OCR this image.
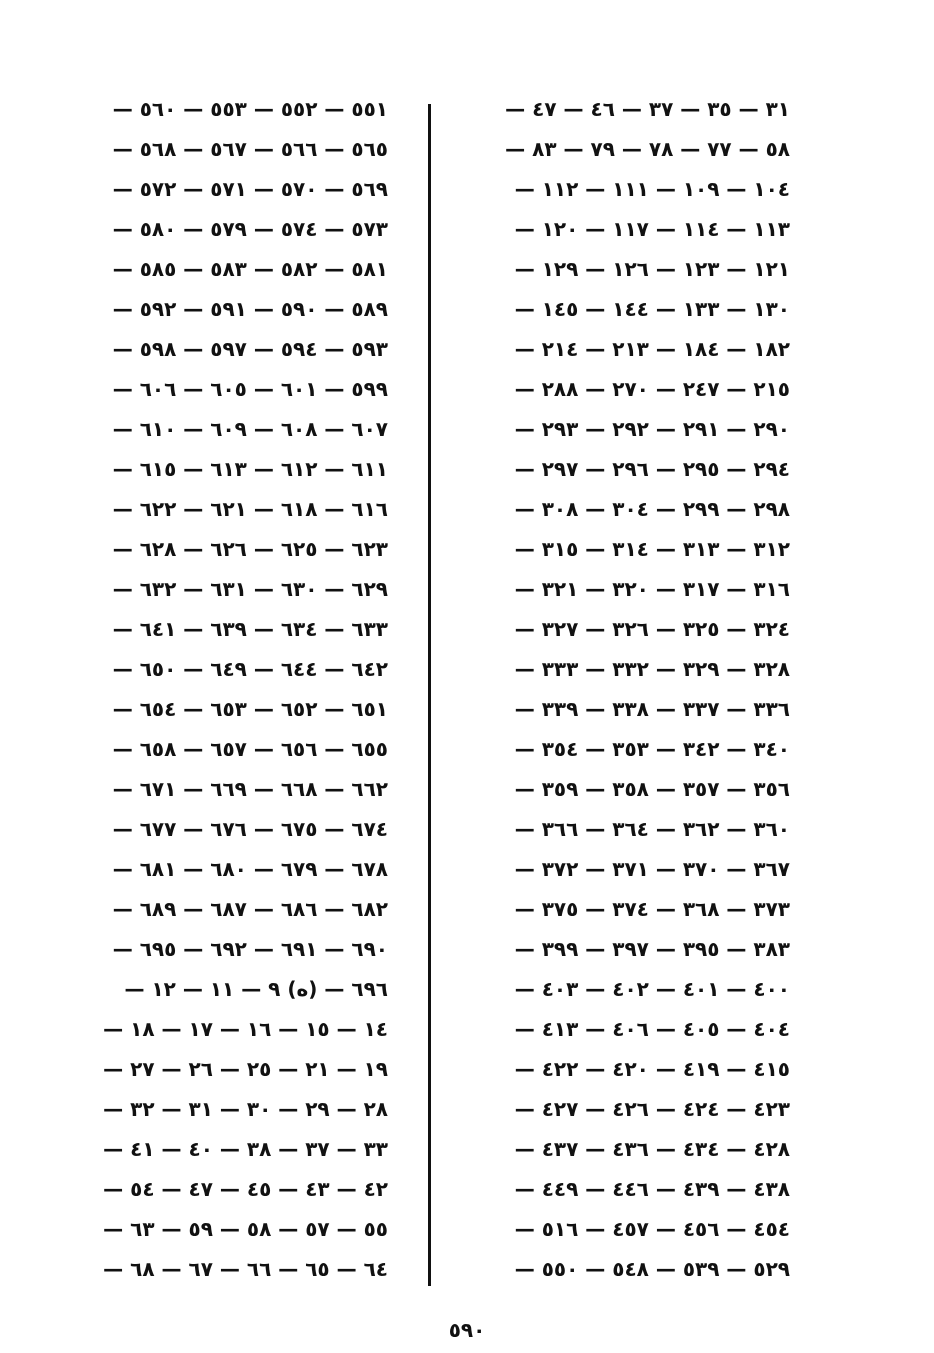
٥٥١ — ٥٥٢ — ٥٥٣ — ٥٦٠ —
٥٦٥ — ٥٦٦ — ٥٦٧ — ٥٦٨ —
٥٦٩ — ٥٧٠ — ٥٧١ — ٥٧٢ —
٥٧٣ — ٥٧٤ — ٥٧٩ — ٥٨٠ —
٥٨١ — ٥٨٢ — ٥٨٣ — ٥٨٥ —
٥٨٩ — ٥٩٠ — ٥٩١ — ٥٩٢ —
٥٩٣ — ٥٩٤ — ٥٩٧ — ٥٩٨ —
٥٩٩ — ٦٠١ — ٦٠٥ — ٦٠٦ —
٦٠٧ — ٦٠٨ — ٦٠٩ — ٦١٠ —
٦١١ — ٦١٢ — ٦١٣ — ٦١٥ —
٦١٦ — ٦١٨ — ٦٢١ — ٦٢٢ —
٦٢٣ — ٦٢٥ — ٦٢٦ — ٦٢٨ —
٦٢٩ — ٦٣٠ — ٦٣١ — ٦٣٢ —
٦٣٣ — ٦٣٤ — ٦٣٩ — ٦٤١ —
٦٤٢ — ٦٤٤ — ٦٤٩ — ٦٥٠ —
٦٥١ — ٦٥٢ — ٦٥٣ — ٦٥٤ —
٦٥٥ — ٦٥٦ — ٦٥٧ — ٦٥٨ —
٦٦٢ — ٦٦٨ — ٦٦٩ — ٦٧١ —
٦٧٤ — ٦٧٥ — ٦٧٦ — ٦٧٧ —
٦٧٨ — ٦٧٩ — ٦٨٠ — ٦٨١ —
٦٨٢ — ٦٨٦ — ٦٨٧ — ٦٨٩ —
٦٩٠ — ٦٩١ — ٦٩٢ — ٦٩٥ —
٦٩٦ — (ه) ٩ — ١١ — ١٢ —
١٤ — ١٥ — ١٦ — ١٧ — ١٨ —
١٩ — ٢١ — ٢٥ — ٢٦ — ٢٧ —
٢٨ — ٢٩ — ٣٠ — ٣١ — ٣٢ —
٣٣ — ٣٧ — ٣٨ — ٤٠ — ٤١ —
٤٢ — ٤٣ — ٤٥ — ٤٧ — ٥٤ —
٥٥ — ٥٧ — ٥٨ — ٥٩ — ٦٣ —
٦٤ — ٦٥ — ٦٦ — ٦٧ — ٦٨ —
٣١ — ٣٥ — ٣٧ — ٤٦ — ٤٧ —
٥٨ — ٧٧ — ٧٨ — ٧٩ — ٨٣ —
١٠٤ — ١٠٩ — ١١١ — ١١٢ —
١١٣ — ١١٤ — ١١٧ — ١٢٠ —
١٢١ — ١٢٣ — ١٢٦ — ١٢٩ —
١٣٠ — ١٣٣ — ١٤٤ — ١٤٥ —
١٨٢ — ١٨٤ — ٢١٣ — ٢١٤ —
٢١٥ — ٢٤٧ — ٢٧٠ — ٢٨٨ —
٢٩٠ — ٢٩١ — ٢٩٢ — ٢٩٣ —
٢٩٤ — ٢٩٥ — ٢٩٦ — ٢٩٧ —
٢٩٨ — ٢٩٩ — ٣٠٤ — ٣٠٨ —
٣١٢ — ٣١٣ — ٣١٤ — ٣١٥ —
٣١٦ — ٣١٧ — ٣٢٠ — ٣٢١ —
٣٢٤ — ٣٢٥ — ٣٢٦ — ٣٢٧ —
٣٢٨ — ٣٢٩ — ٣٣٢ — ٣٣٣ —
٣٣٦ — ٣٣٧ — ٣٣٨ — ٣٣٩ —
٣٤٠ — ٣٤٢ — ٣٥٣ — ٣٥٤ —
٣٥٦ — ٣٥٧ — ٣٥٨ — ٣٥٩ —
٣٦٠ — ٣٦٢ — ٣٦٤ — ٣٦٦ —
٣٦٧ — ٣٧٠ — ٣٧١ — ٣٧٢ —
٣٧٣ — ٣٦٨ — ٣٧٤ — ٣٧٥ —
٣٨٣ — ٣٩٥ — ٣٩٧ — ٣٩٩ —
٤٠٠ — ٤٠١ — ٤٠٢ — ٤٠٣ —
٤٠٤ — ٤٠٥ — ٤٠٦ — ٤١٣ —
٤١٥ — ٤١٩ — ٤٢٠ — ٤٢٢ —
٤٢٣ — ٤٢٤ — ٤٢٦ — ٤٢٧ —
٤٢٨ — ٤٣٤ — ٤٣٦ — ٤٣٧ —
٤٣٨ — ٤٣٩ — ٤٤٦ — ٤٤٩ —
٤٥٤ — ٤٥٦ — ٤٥٧ — ٥١٦ —
٥٢٩ — ٥٣٩ — ٥٤٨ — ٥٥٠ —
٥٩٠
